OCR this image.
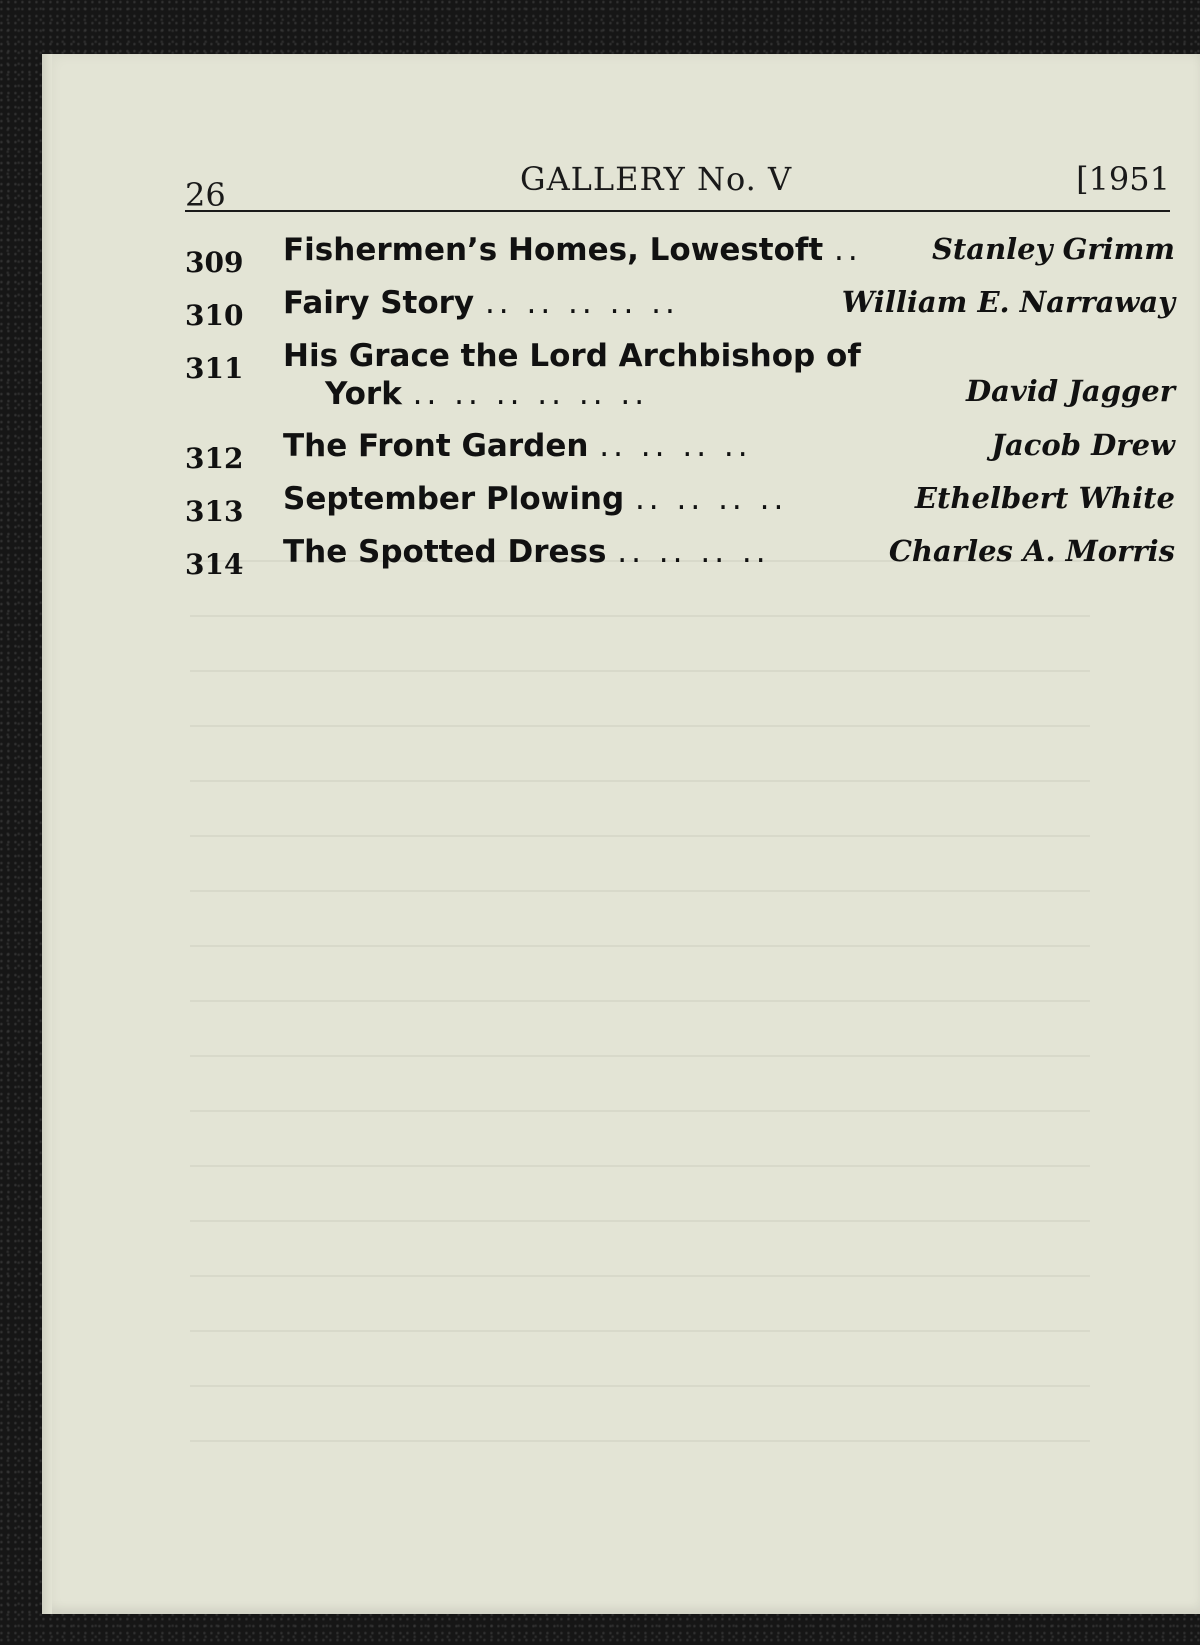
26	GALLERY No. V	[1951
309 Fishermen’s Homes, Lowestoft .. Stanley Grimm
310 Fairy Story .. .. .. .. ..	William E. Narraway
311 His Grace the Lord Archbishop of
York .. .. .. .. .. ..	David Jagger
312 The Front Garden .. .. .. ..	Jacob Drew
313 September Plowing .. .. .. ..	Ethelbert White
314 The Spotted Dress .. .. .. ..	Charles A. Morris
